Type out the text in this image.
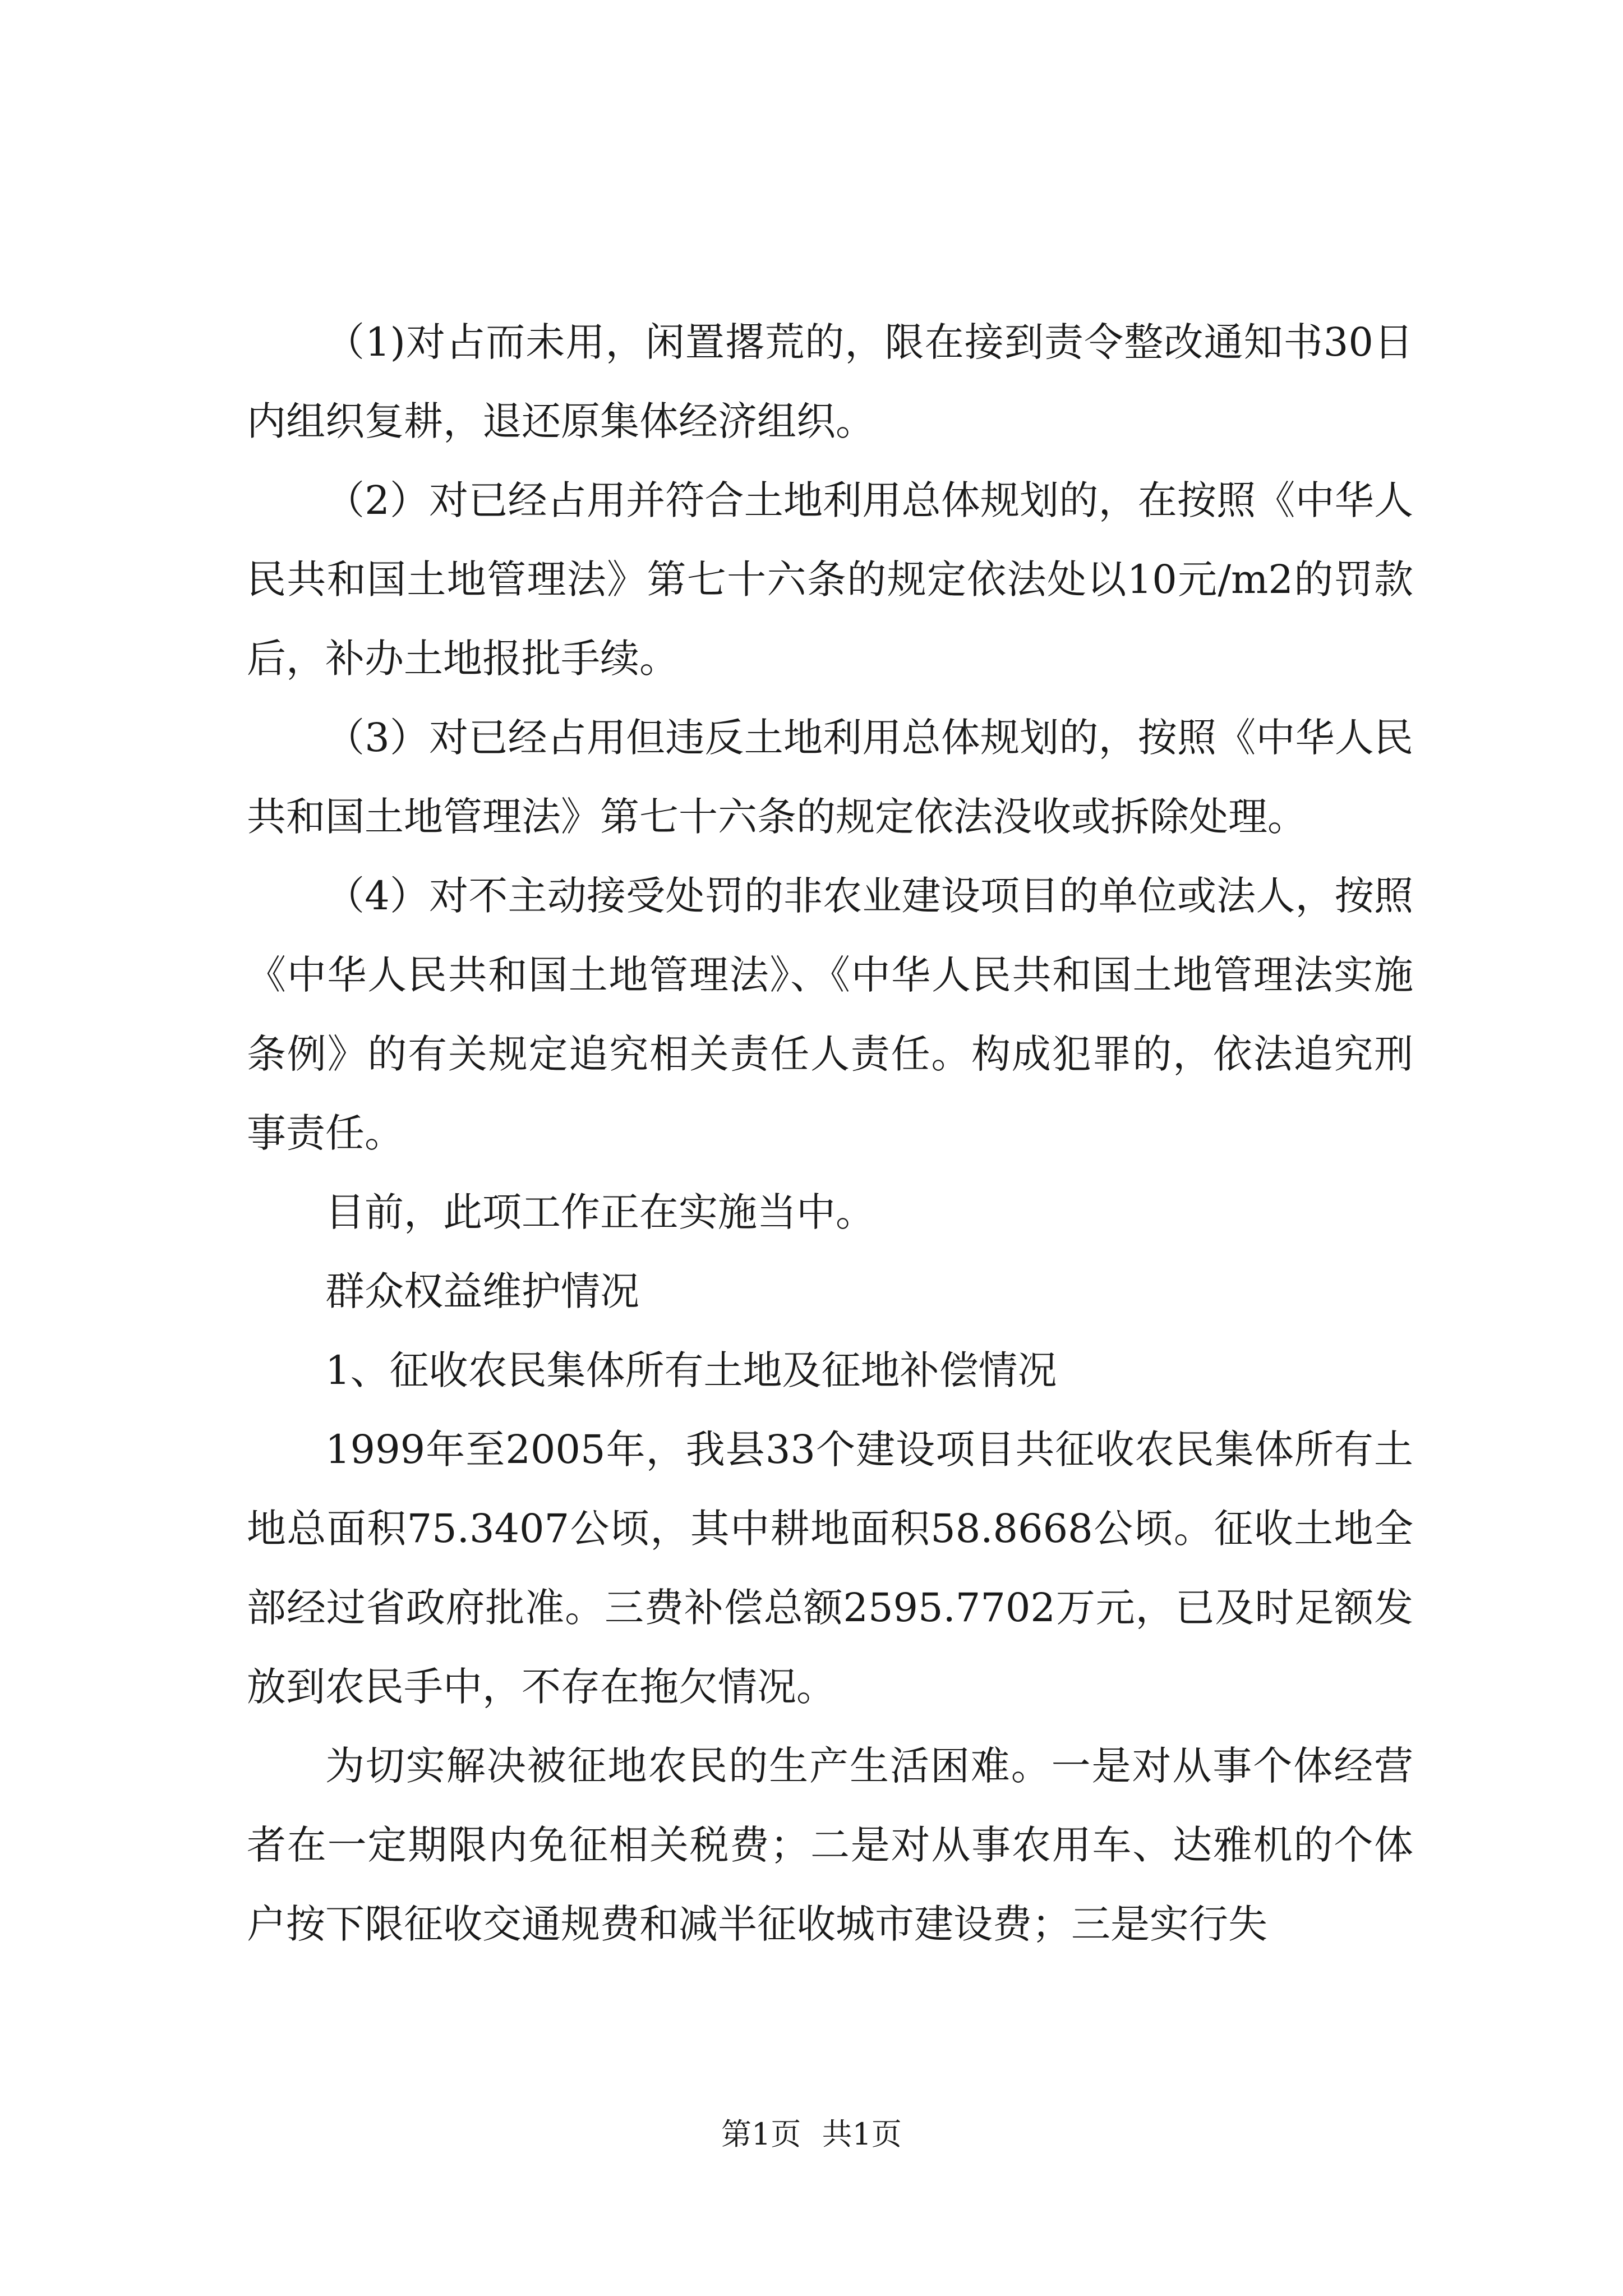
（1)对占而未用，闲置撂荒的，限在接到责令整改通知书30日内组织复耕，退还原集体经济组织。

（2）对已经占用并符合土地利用总体规划的，在按照《中华人民共和国土地管理法》第七十六条的规定依法处以10元/m2的罚款后，补办土地报批手续。

（3）对已经占用但违反土地利用总体规划的，按照《中华人民共和国土地管理法》第七十六条的规定依法没收或拆除处理。

（4）对不主动接受处罚的非农业建设项目的单位或法人，按照《中华人民共和国土地管理法》、《中华人民共和国土地管理法实施条例》的有关规定追究相关责任人责任。构成犯罪的，依法追究刑事责任。

目前，此项工作正在实施当中。

群众权益维护情况

1、征收农民集体所有土地及征地补偿情况

1999年至2005年，我县33个建设项目共征收农民集体所有土地总面积75.3407公顷，其中耕地面积58.8668公顷。征收土地全部经过省政府批准。三费补偿总额2595.7702万元，已及时足额发放到农民手中，不存在拖欠情况。

为切实解决被征地农民的生产生活困难。一是对从事个体经营者在一定期限内免征相关税费；二是对从事农用车、达雅机的个体户按下限征收交通规费和减半征收城市建设费；三是实行失

第1页 共1页
